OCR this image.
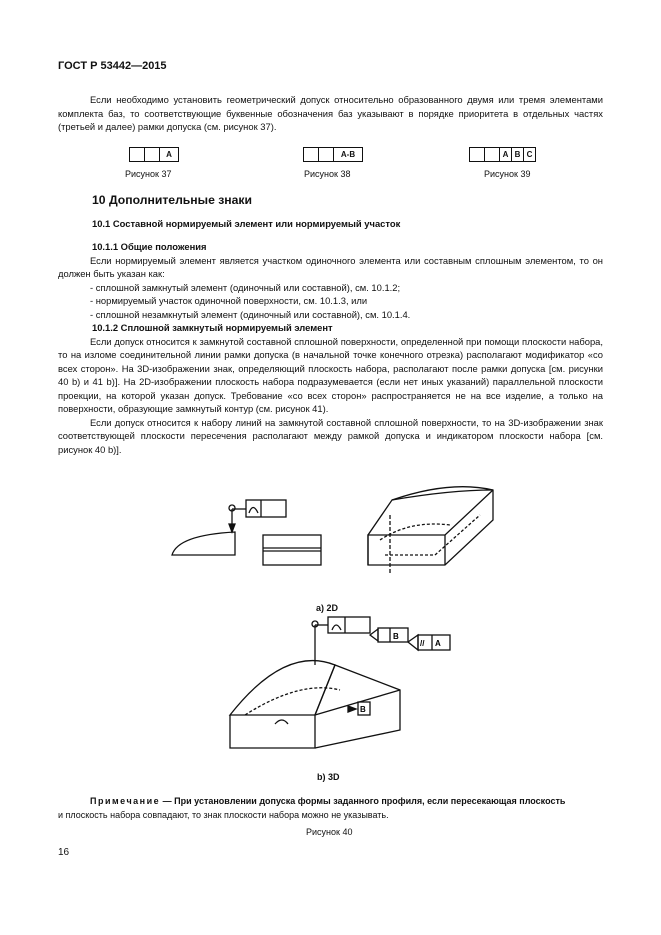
ГОСТ Р 53442—2015

Если необходимо установить геометрический допуск относительно образованного двумя или тремя элементами комплекта баз, то соответствующие буквенные обозначения баз указывают в порядке приоритета в отдельных частях (третьей и далее) рамки допуска (см. рисунок 37).

A
Рисунок 37
A-B
Рисунок 38
A B C
Рисунок 39
10 Дополнительные знаки
10.1 Составной нормируемый элемент или нормируемый участок

10.1.1 Общие положения

Если нормируемый элемент является участком одиночного элемента или составным сплошным элементом, то он должен быть указан как:

- сплошной замкнутый элемент (одиночный или составной), см. 10.1.2;
- нормируемый участок одиночной поверхности, см. 10.1.3, или
- сплошной незамкнутый элемент (одиночный или составной), см. 10.1.4.

10.1.2 Сплошной замкнутый нормируемый элемент

Если допуск относится к замкнутой составной сплошной поверхности, определенной при помощи плоскости набора, то на изломе соединительной линии рамки допуска (в начальной точке конечного отрезка) располагают модификатор «со всех сторон». На 3D-изображении знак, определяющий плоскость набора, располагают после рамки допуска [см. рисунки 40 b) и 41 b)]. На 2D-изображении плоскость набора подразумевается (если нет иных указаний) параллельной плоскости проекции, на которой указан допуск. Требование «со всех сторон» распространяется не на все изделие, а только на поверхности, образующие замкнутый контур (см. рисунок 41).

Если допуск относится к набору линий на замкнутой составной сплошной поверхности, то на 3D-изображении знак соответствующей плоскости пересечения располагают между рамкой допуска и индикатором плоскости набора [см. рисунок 40 b)].

B
// A
B
a) 2D
b) 3D
Примечание — При установлении допуска формы заданного профиля, если пересекающая плоскость
и плоскость набора совпадают, то знак плоскости набора можно не указывать.
Рисунок 40
16
